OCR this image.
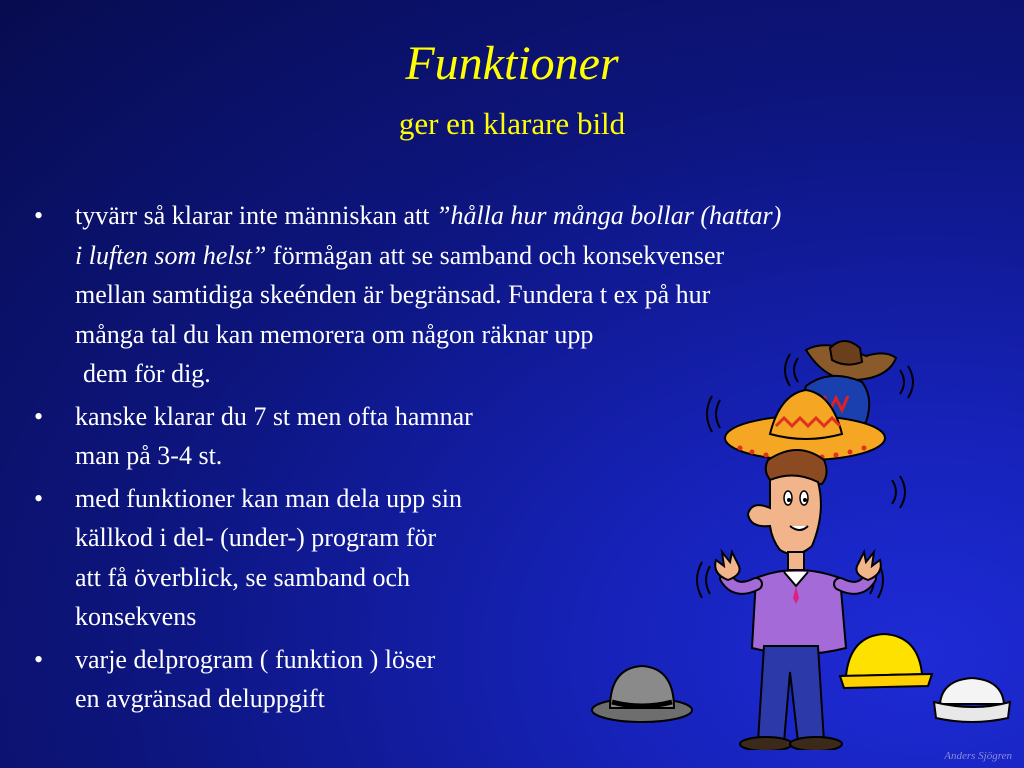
Funktioner
ger en klarare bild
• tyvärr så klarar inte människan att ”hålla hur många bollar (hattar)
i luften som helst” förmågan att se samband och konsekvenser
mellan samtidiga skeénden är begränsad. Fundera t ex på hur
många tal du kan memorera om någon räknar upp
dem för dig.
• kanske klarar du 7 st men ofta hamnar
man på 3-4 st.
• med funktioner kan man dela upp sin
källkod i del- (under-) program för
att få överblick, se samband och
konsekvens
• varje delprogram ( funktion ) löser
en avgränsad deluppgift
Anders Sjögren
